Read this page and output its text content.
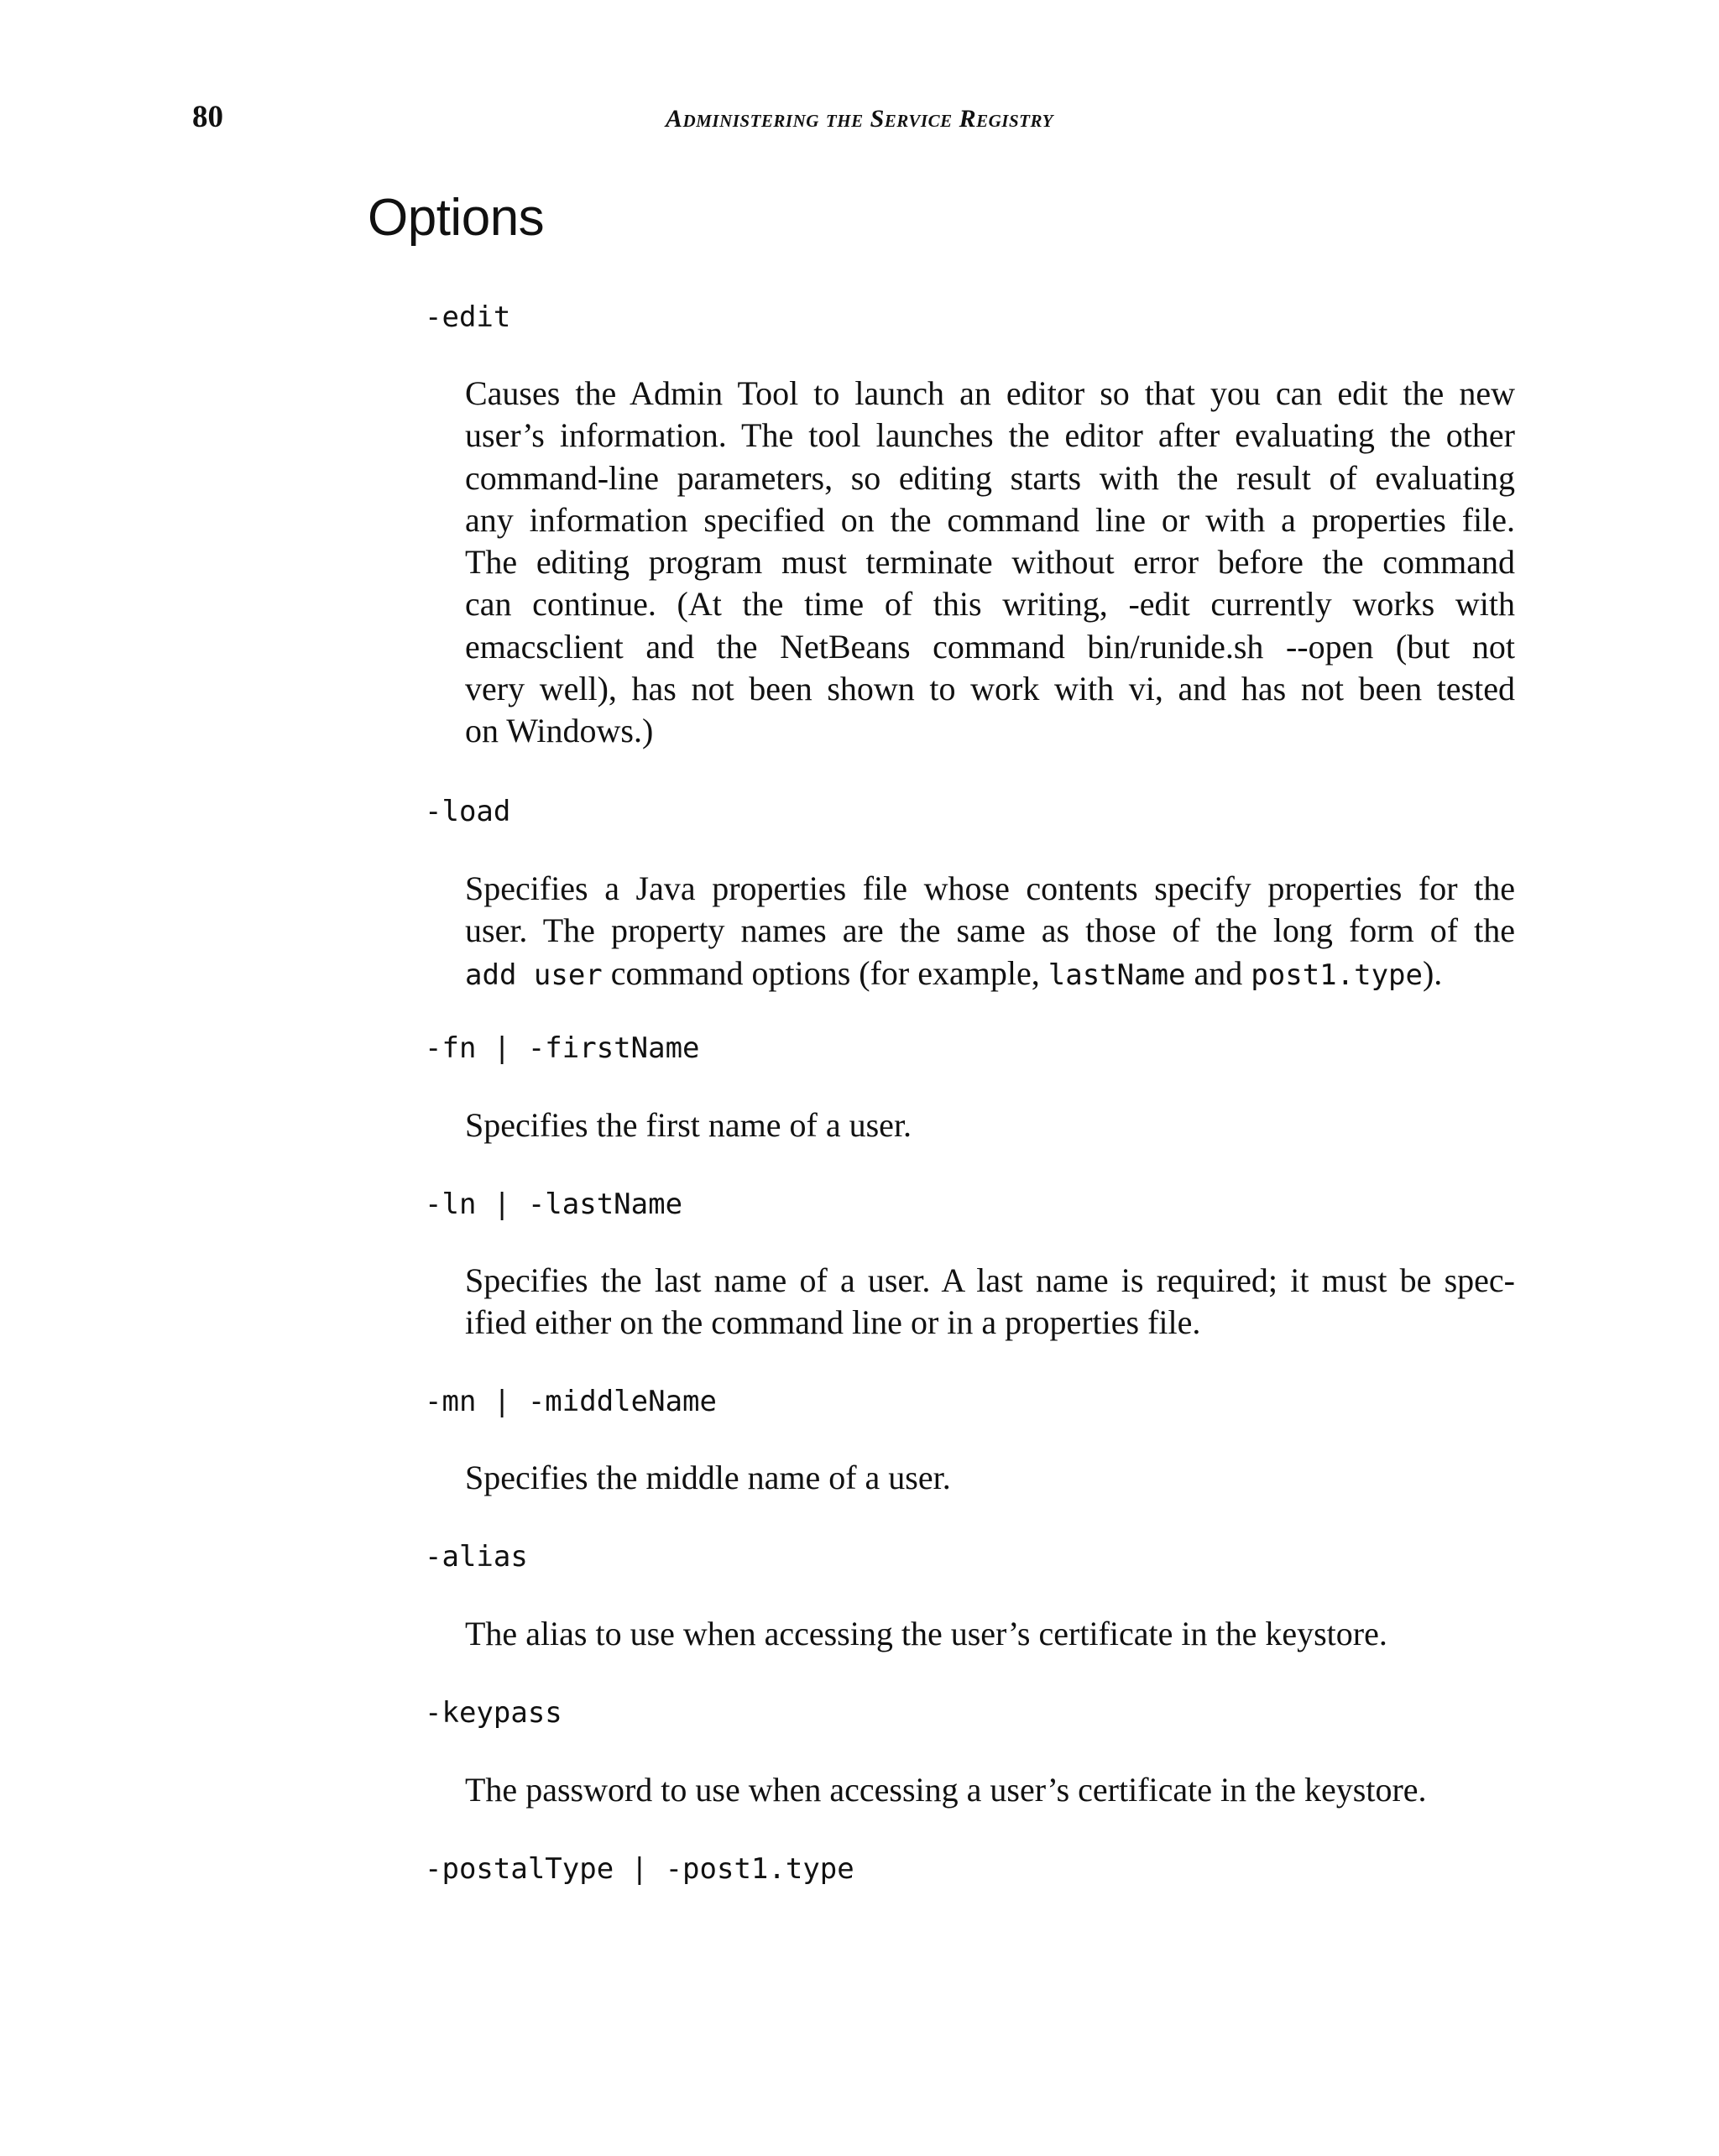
80	Administering the Service Registry
Options
-edit
Causes the Admin Tool to launch an editor so that you can edit the new
user’s information. The tool launches the editor after evaluating the other
command-line parameters, so editing starts with the result of evaluating
any information specified on the command line or with a properties file.
The editing program must terminate without error before the command
can continue. (At the time of this writing, -edit currently works with
emacsclient and the NetBeans command bin/runide.sh --open (but not
very well), has not been shown to work with vi, and has not been tested
on Windows.)
-load
Specifies a Java properties file whose contents specify properties for the
user. The property names are the same as those of the long form of the
add user command options (for example, lastName and post1.type).
-fn | -firstName
Specifies the first name of a user.
-ln | -lastName
Specifies the last name of a user. A last name is required; it must be spec-
ified either on the command line or in a properties file.
-mn | -middleName
Specifies the middle name of a user.
-alias
The alias to use when accessing the user’s certificate in the keystore.
-keypass
The password to use when accessing a user’s certificate in the keystore.
-postalType | -post1.type
